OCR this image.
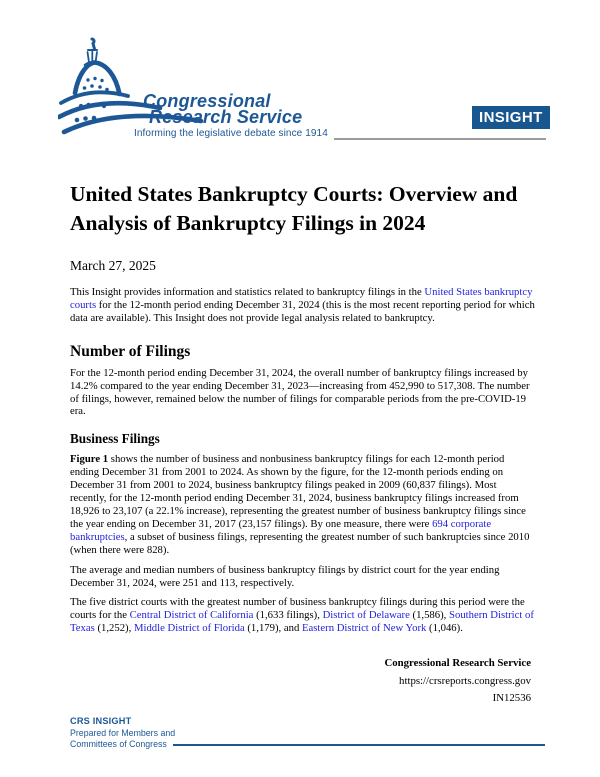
Congressional
Research Service
Informing the legislative debate since 1914
INSIGHT
United States Bankruptcy Courts: Overview and Analysis of Bankruptcy Filings in 2024
March 27, 2025

This Insight provides information and statistics related to bankruptcy filings in the United States bankruptcy courts for the 12-month period ending December 31, 2024 (this is the most recent reporting period for which data are available). This Insight does not provide legal analysis related to bankruptcy.

Number of Filings

For the 12-month period ending December 31, 2024, the overall number of bankruptcy filings increased by 14.2% compared to the year ending December 31, 2023—increasing from 452,990 to 517,308. The number of filings, however, remained below the number of filings for comparable periods from the pre-COVID-19 era.

Business Filings

Figure 1 shows the number of business and nonbusiness bankruptcy filings for each 12-month period ending December 31 from 2001 to 2024. As shown by the figure, for the 12-month periods ending on December 31 from 2001 to 2024, business bankruptcy filings peaked in 2009 (60,837 filings). Most recently, for the 12-month period ending December 31, 2024, business bankruptcy filings increased from 18,926 to 23,107 (a 22.1% increase), representing the greatest number of business bankruptcy filings since the year ending on December 31, 2017 (23,157 filings). By one measure, there were 694 corporate bankruptcies, a subset of business filings, representing the greatest number of such bankruptcies since 2010 (when there were 828).

The average and median numbers of business bankruptcy filings by district court for the year ending December 31, 2024, were 251 and 113, respectively.

The five district courts with the greatest number of business bankruptcy filings during this period were the courts for the Central District of California (1,633 filings), District of Delaware (1,586), Southern District of Texas (1,252), Middle District of Florida (1,179), and Eastern District of New York (1,046).

Congressional Research Service
https://crsreports.congress.gov
IN12536
CRS INSIGHT
Prepared for Members and
Committees of Congress
